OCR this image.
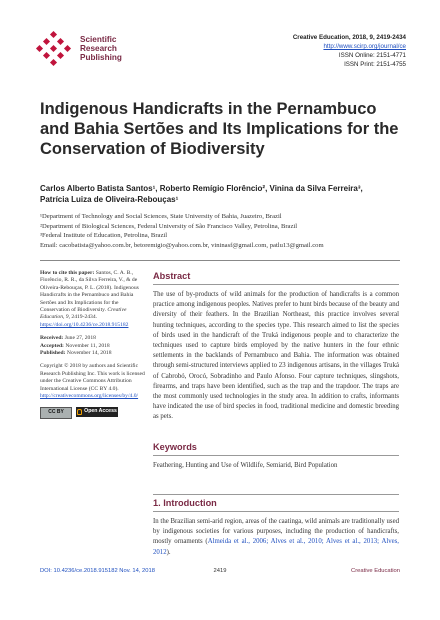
Scientific
Research
Publishing
Creative Education, 2018, 9, 2419-2434
http://www.scirp.org/journal/ce
ISSN Online: 2151-4771
ISSN Print: 2151-4755
Indigenous Handicrafts in the Pernambuco and Bahia Sertões and Its Implications for the Conservation of Biodiversity
Carlos Alberto Batista Santos¹, Roberto Remígio Florêncio², Vinina da Silva Ferreira³,
Patrícia Luiza de Oliveira-Rebouças¹
¹Department of Technology and Social Sciences, State University of Bahia, Juazeiro, Brazil
²Department of Biological Sciences, Federal University of São Francisco Valley, Petrolina, Brazil
³Federal Institute of Education, Petrolina, Brazil
Email: cacobatista@yahoo.com.br, betoremigio@yahoo.com.br, vininasf@gmail.com, patlu13@gmail.com

How to cite this paper: Santos, C. A. B., Florêncio, R. R., da Silva Ferreira, V., & de Oliveira-Rebouças, P. L. (2018). Indigenous Handicrafts in the Pernambuco and Bahia Sertões and Its Implications for the Conservation of Biodiversity. Creative Education, 9, 2419-2434. https://doi.org/10.4236/ce.2018.915182

Received: June 27, 2018
Accepted: November 11, 2018
Published: November 14, 2018

Copyright © 2018 by authors and Scientific Research Publishing Inc. This work is licensed under the Creative Commons Attribution International License (CC BY 4.0).
http://creativecommons.org/licenses/by/4.0/

CC BY	Open Access
Abstract

The use of by-products of wild animals for the production of handicrafts is a common practice among indigenous peoples. Natives prefer to hunt birds because of the beauty and diversity of their feathers. In the Brazilian Northeast, this practice involves several hunting techniques, according to the species type. This research aimed to list the species of birds used in the handicraft of the Truká indigenous people and to characterize the techniques used to capture birds employed by the native hunters in the four ethnic settlements in the backlands of Pernambuco and Bahia. The information was obtained through semi-structured interviews applied to 23 indigenous artisans, in the villages Truká of Cabrobó, Orocó, Sobradinho and Paulo Afonso. Four capture techniques, slingshots, firearms, and traps have been identified, such as the trap and the trapdoor. The traps are the most commonly used technologies in the study area. In addition to crafts, informants have indicated the use of bird species in food, traditional medicine and domestic breeding as pets.

Keywords

Feathering, Hunting and Use of Wildlife, Semiarid, Bird Population

1. Introduction

In the Brazilian semi-arid region, areas of the caatinga, wild animals are traditionally used by indigenous societies for various purposes, including the production of handicrafts, mostly ornaments (Almeida et al., 2006; Alves et al., 2010; Alves et al., 2013; Alves, 2012).

DOI: 10.4236/ce.2018.915182 Nov. 14, 2018	2419	Creative Education
